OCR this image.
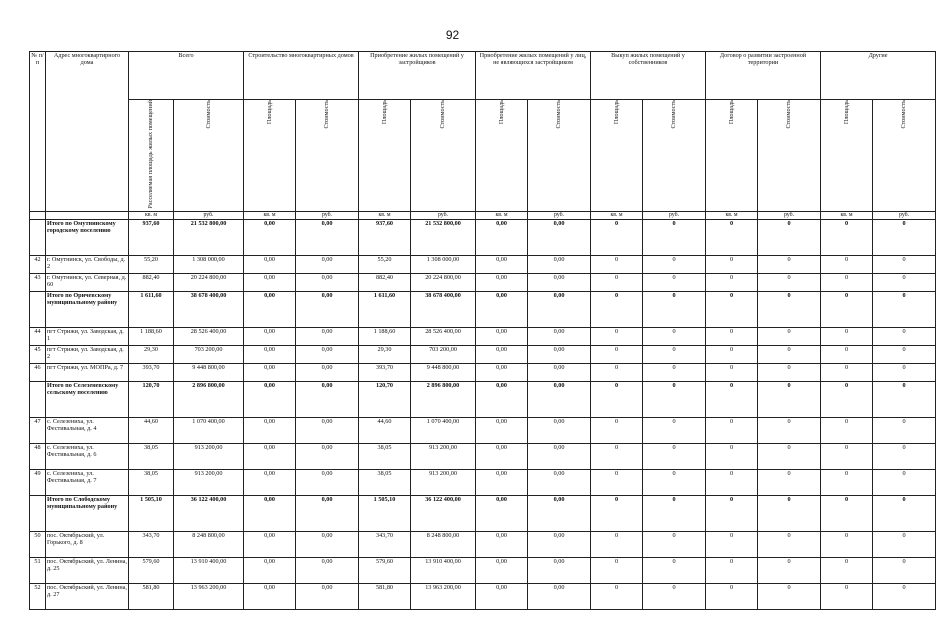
92
№ п/п	Адрес многоквартирного дома	Всего		Строительство многоквартирных домов		Приобретение жилых помещений у застройщиков		Приобретение жилых помещений у лиц, не являющихся застройщиком		Выкуп жилых помещений у собственников		Договор о развитии застроенной территории		Другие	
		Расселяемая площадь жилых помещений	Стоимость	Площадь	Стоимость	Площадь	Стоимость	Площадь	Стоимость	Площадь	Стоимость	Площадь	Стоимость	Площадь	Стоимость
		кв. м	руб.	кв. м	руб.	кв. м	руб.	кв. м	руб.	кв. м	руб.	кв. м	руб.	кв. м	руб.
	Итого по Омутнинскому городскому поселению	937,60	21 532 800,00	0,00	0,00	937,60	21 532 800,00	0,00	0,00	0	0	0	0	0	0
42	г. Омутнинск, ул. Свободы, д. 2	55,20	1 308 000,00	0,00	0,00	55,20	1 308 000,00	0,00	0,00	0	0	0	0	0	0
43	г. Омутнинск, ул. Северная, д. 60	882,40	20 224 800,00	0,00	0,00	882,40	20 224 800,00	0,00	0,00	0	0	0	0	0	0
	Итого по Оричевскому муниципальному району	1 611,60	38 678 400,00	0,00	0,00	1 611,60	38 678 400,00	0,00	0,00	0	0	0	0	0	0
44	пгт Стрижи, ул. Заводская, д. 1	1 188,60	28 526 400,00	0,00	0,00	1 188,60	28 526 400,00	0,00	0,00	0	0	0	0	0	0
45	пгт Стрижи, ул. Заводская, д. 2	29,30	703 200,00	0,00	0,00	29,30	703 200,00	0,00	0,00	0	0	0	0	0	0
46	пгт Стрижи, ул. МОПРа, д. 7	393,70	9 448 800,00	0,00	0,00	393,70	9 448 800,00	0,00	0,00	0	0	0	0	0	0
	Итого по Селезеневскому сельскому поселению	120,70	2 896 800,00	0,00	0,00	120,70	2 896 800,00	0,00	0,00	0	0	0	0	0	0
47	с. Селезениха, ул. Фестивальная, д. 4	44,60	1 070 400,00	0,00	0,00	44,60	1 070 400,00	0,00	0,00	0	0	0	0	0	0
48	с. Селезениха, ул. Фестивальная, д. 6	38,05	913 200,00	0,00	0,00	38,05	913 200,00	0,00	0,00	0	0	0	0	0	0
49	с. Селезениха, ул. Фестивальная, д. 7	38,05	913 200,00	0,00	0,00	38,05	913 200,00	0,00	0,00	0	0	0	0	0	0
	Итого по Слободскому муниципальному району	1 505,10	36 122 400,00	0,00	0,00	1 505,10	36 122 400,00	0,00	0,00	0	0	0	0	0	0
50	пос. Октябрьский, ул. Горького, д. 8	343,70	8 248 800,00	0,00	0,00	343,70	8 248 800,00	0,00	0,00	0	0	0	0	0	0
51	пос. Октябрьский, ул. Ленина, д. 25	579,60	13 910 400,00	0,00	0,00	579,60	13 910 400,00	0,00	0,00	0	0	0	0	0	0
52	пос. Октябрьский, ул. Ленина, д. 27	581,80	13 963 200,00	0,00	0,00	581,80	13 963 200,00	0,00	0,00	0	0	0	0	0	0
